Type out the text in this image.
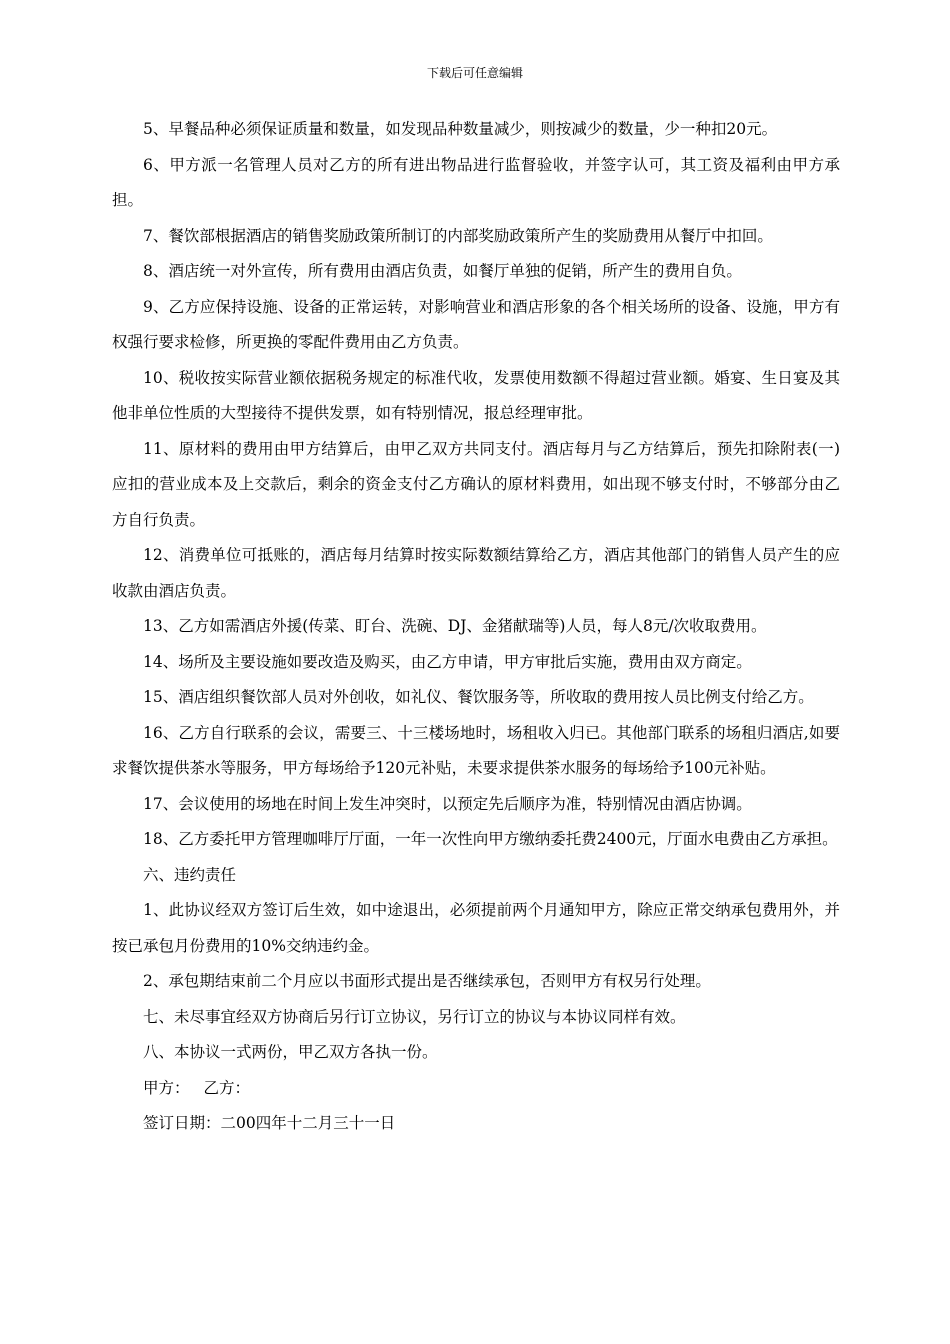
下载后可任意编辑

5、早餐品种必须保证质量和数量，如发现品种数量减少，则按减少的数量，少一种扣20元。

6、甲方派一名管理人员对乙方的所有进出物品进行监督验收，并签字认可，其工资及福利由甲方承担。

7、餐饮部根据酒店的销售奖励政策所制订的内部奖励政策所产生的奖励费用从餐厅中扣回。

8、酒店统一对外宣传，所有费用由酒店负责，如餐厅单独的促销，所产生的费用自负。

9、乙方应保持设施、设备的正常运转，对影响营业和酒店形象的各个相关场所的设备、设施，甲方有权强行要求检修，所更换的零配件费用由乙方负责。

10、税收按实际营业额依据税务规定的标准代收，发票使用数额不得超过营业额。婚宴、生日宴及其他非单位性质的大型接待不提供发票，如有特别情况，报总经理审批。

11、原材料的费用由甲方结算后，由甲乙双方共同支付。酒店每月与乙方结算后，预先扣除附表(一)应扣的营业成本及上交款后，剩余的资金支付乙方确认的原材料费用，如出现不够支付时，不够部分由乙方自行负责。

12、消费单位可抵账的，酒店每月结算时按实际数额结算给乙方，酒店其他部门的销售人员产生的应收款由酒店负责。

13、乙方如需酒店外援(传菜、盯台、洗碗、DJ、金猪献瑞等)人员，每人8元/次收取费用。

14、场所及主要设施如要改造及购买，由乙方申请，甲方审批后实施，费用由双方商定。

15、酒店组织餐饮部人员对外创收，如礼仪、餐饮服务等，所收取的费用按人员比例支付给乙方。

16、乙方自行联系的会议，需要三、十三楼场地时，场租收入归已。其他部门联系的场租归酒店,如要求餐饮提供茶水等服务，甲方每场给予120元补贴，未要求提供茶水服务的每场给予100元补贴。

17、会议使用的场地在时间上发生冲突时，以预定先后顺序为准，特别情况由酒店协调。

18、乙方委托甲方管理咖啡厅厅面，一年一次性向甲方缴纳委托费2400元，厅面水电费由乙方承担。

六、违约责任

1、此协议经双方签订后生效，如中途退出，必须提前两个月通知甲方，除应正常交纳承包费用外，并按已承包月份费用的10%交纳违约金。

2、承包期结束前二个月应以书面形式提出是否继续承包，否则甲方有权另行处理。

七、未尽事宜经双方协商后另行订立协议，另行订立的协议与本协议同样有效。

八、本协议一式两份，甲乙双方各执一份。

甲方： 乙方：

签订日期：二00四年十二月三十一日
